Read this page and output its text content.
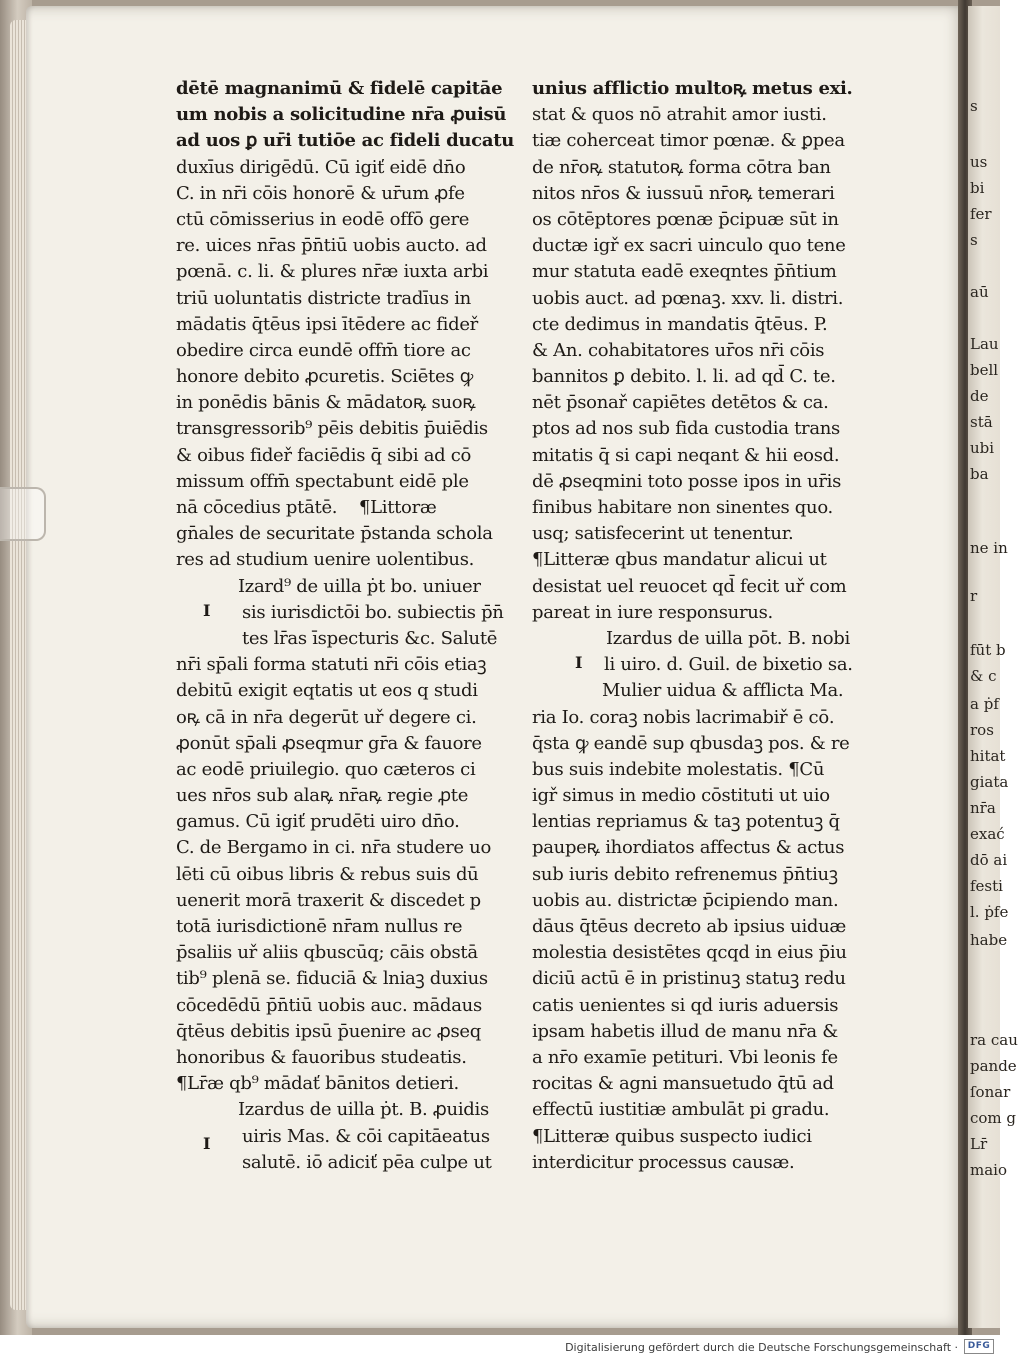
dētē magnanimū & fidelē capitāe
um nobis a solicitudine nr̄a ꝓuisū
ad uos ꝑ ur̄i tutiōe ac fideli ducatu
duxīus dirigēdū. Cū igiť eidē dn̄o
C. in nr̄i cōis honorē & ur̄um ꝓfe
ctū cōmisserius in eodē offō gere
re. uices nr̄as p̄n̄tiū uobis aucto. ad
pœnā. c. li. & plures nr̄æ iuxta arbi
triū uoluntatis districte tradīus in
mādatis q̄tēus ipsi ītēdere ac fideř
obedire circa eundē offm̄ tiore ac
honore debito ꝓcuretis. Sciētes ꝙ
in ponēdis bānis & mādatoꝶ suoꝶ
transgressorib⁹ pēis debitis p̄uiēdis
& oibus fideř faciēdis q̄ sibi ad cō
missum offm̄ spectabunt eidē ple
nā cōcedius ptātē. ¶Littoræ
gn̄ales de securitate p̄standa schola
res ad studium uenire uolentibus.
Izard⁹ de uilla ṗt bo. uniuer
sis iurisdictōi bo. subiectis p̄n̄
tes lr̄as īspecturis &c. Salutē
nr̄i sp̄ali forma statuti nr̄i cōis etiaꝫ
debitū exigit eqtatis ut eos q studi
oꝶ cā in nr̄a degerūt uř degere ci.
ꝓonūt sp̄ali ꝓseqmur gr̄a & fauore
ac eodē priuilegio. quo cæteros ci
ues nr̄os sub alaꝶ nr̄aꝶ regie ꝓte
gamus. Cū igiť prudēti uiro dn̄o.
C. de Bergamo in ci. nr̄a studere uo
lēti cū oibus libris & rebus suis dū
uenerit morā traxerit & discedet p
totā iurisdictionē nr̄am nullus re
p̄saliis uř aliis qbuscūq; cāis obstā
tib⁹ plenā se. fiduciā & lniaꝫ duxius
cōcedēdū p̄n̄tiū uobis auc. mādaus
q̄tēus debitis ipsū p̄uenire ac ꝓseq
honoribus & fauoribus studeatis.
¶Lr̄æ qb⁹ mādať bānitos detieri.
Izardus de uilla ṗt. B. ꝓuidis
uiris Mas. & cōi capitāeatus
salutē. iō adiciť pēa culpe ut
I
I
unius afflictio multoꝶ metus exi.
stat & quos nō atrahit amor iusti.
tiæ coherceat timor pœnæ. & ꝑpea
de nr̄oꝶ statutoꝶ forma cōtra ban
nitos nr̄os & iussuū nr̄oꝶ temerari
os cōtēptores pœnæ p̄cipuæ sūt in
ductæ igř ex sacri uinculo quo tene
mur statuta eadē exeqntes p̄n̄tium
uobis auct. ad pœnaꝫ. xxv. li. distri.
cte dedimus in mandatis q̄tēus. P.
& An. cohabitatores ur̄os nr̄i cōis
bannitos ꝑ debito. l. li. ad qd̄ C. te.
nēt p̄sonař capiētes detētos & ca.
ptos ad nos sub fida custodia trans
mitatis q̄ si capi neqant & hii eosd.
dē ꝓseqmini toto posse ipos in ur̄is
finibus habitare non sinentes quo.
usq; satisfecerint ut tenentur.
¶Litteræ qbus mandatur alicui ut
desistat uel reuocet qd̄ fecit uř com
pareat in iure responsurus.
Izardus de uilla pōt. B. nobi
li uiro. d. Guil. de bixetio sa.
Mulier uidua & afflicta Ma.
ria Io. coraꝫ nobis lacrimabiř ē cō.
q̄sta ꝙ eandē sup qbusdaꝫ pos. & re
bus suis indebite molestatis. ¶Cū
igř simus in medio cōstituti ut uio
lentias repriamus & taꝫ potentuꝫ q̄
paupeꝶ ihordiatos affectus & actus
sub iuris debito refrenemus p̄n̄tiuꝫ
uobis au. districtæ p̄cipiendo man.
dāus q̄tēus decreto ab ipsius uiduæ
molestia desistētes qcqd in eius p̄iu
diciū actū ē in pristinuꝫ statuꝫ redu
catis uenientes si qd iuris aduersis
ipsam habetis illud de manu nr̄a &
a nr̄o examīe petituri. Vbi leonis fe
rocitas & agni mansuetudo q̄tū ad
effectū iustitiæ ambulāt pi gradu.
¶Litteræ quibus suspecto iudici
interdicitur processus causæ.
I
s
us
bi
fer
s
aū
Lau
bell
de
stā
ubi
ba
ne in
r
fūt b
& c
a ṗf
ros
hitat
giata
nr̄a
exać
dō ai
festi
l. ṗfe
habe
ra cau
pande
ſonar
com g
Lr̄
maio
Digitalisierung gefördert durch die Deutsche Forschungsgemeinschaft ·	DFG
